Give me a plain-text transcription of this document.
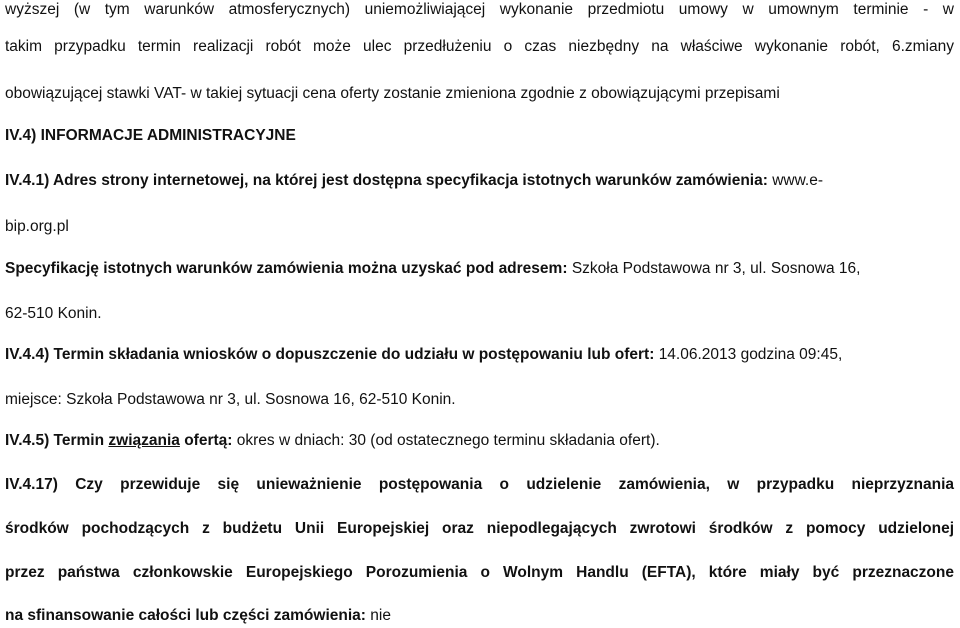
wyższej (w tym warunków atmosferycznych) uniemożliwiającej wykonanie przedmiotu umowy w umownym terminie - w
takim przypadku termin realizacji robót może ulec przedłużeniu o czas niezbędny na właściwe wykonanie robót, 6.zmiany
obowiązującej stawki VAT- w takiej sytuacji cena oferty zostanie zmieniona zgodnie z obowiązującymi przepisami
IV.4) INFORMACJE ADMINISTRACYJNE
IV.4.1) Adres strony internetowej, na której jest dostępna specyfikacja istotnych warunków zamówienia: www.e-
bip.org.pl
Specyfikację istotnych warunków zamówienia można uzyskać pod adresem: Szkoła Podstawowa nr 3, ul. Sosnowa 16,
62-510 Konin.
IV.4.4) Termin składania wniosków o dopuszczenie do udziału w postępowaniu lub ofert: 14.06.2013 godzina 09:45,
miejsce: Szkoła Podstawowa nr 3, ul. Sosnowa 16, 62-510 Konin.
IV.4.5) Termin związania ofertą: okres w dniach: 30 (od ostatecznego terminu składania ofert).
IV.4.17) Czy przewiduje się unieważnienie postępowania o udzielenie zamówienia, w przypadku nieprzyznania
środków pochodzących z budżetu Unii Europejskiej oraz niepodlegających zwrotowi środków z pomocy udzielonej
przez państwa członkowskie Europejskiego Porozumienia o Wolnym Handlu (EFTA), które miały być przeznaczone
na sfinansowanie całości lub części zamówienia: nie
